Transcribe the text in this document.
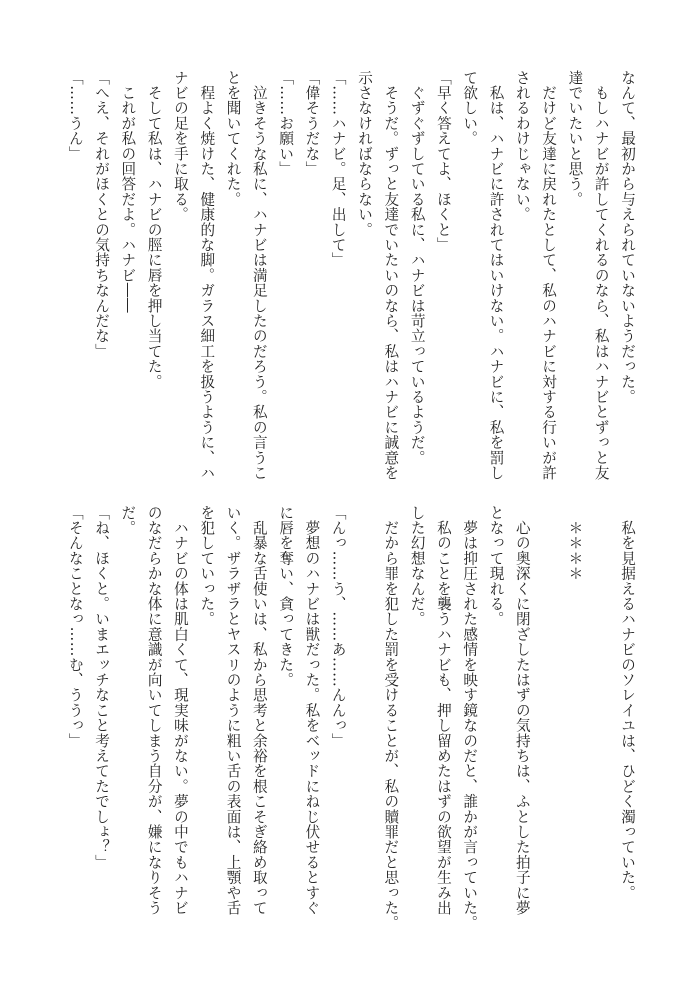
なんて、最初から与えられていないようだった。
　もしハナビが許してくれるのなら、私はハナビとずっと友
達でいたいと思う。
　だけど友達に戻れたとして、私のハナビに対する行いが許
されるわけじゃない。
　私は、ハナビに許されてはいけない。ハナビに、私を罰し
て欲しい。
「早く答えてよ、ほくと」
　ぐずぐずしている私に、ハナビは苛立っているようだ。
　そうだ。ずっと友達でいたいのなら、私はハナビに誠意を
示さなければならない。
「……ハナビ。足、出して」
「偉そうだな」
「……お願い」
　泣きそうな私に、ハナビは満足したのだろう。私の言うこ
とを聞いてくれた。
　程よく焼けた、健康的な脚。ガラス細工を扱うように、ハ
ナビの足を手に取る。
　そして私は、ハナビの脛に唇を押し当てた。
　これが私の回答だよ。ハナビ――
「へえ、それがほくとの気持ちなんだな」
「……うん」
　私を見据えるハナビのソレイユは、ひどく濁っていた。

　＊＊＊＊

　心の奥深くに閉ざしたはずの気持ちは、ふとした拍子に夢
となって現れる。
　夢は抑圧された感情を映す鏡なのだと、誰かが言っていた。
　私のことを襲うハナビも、押し留めたはずの欲望が生み出
した幻想なんだ。
　だから罪を犯した罰を受けることが、私の贖罪だと思った。

「んっ……う、……あ……んんっ」
　夢想のハナビは獣だった。私をベッドにねじ伏せるとすぐ
に唇を奪い、貪ってきた。
　乱暴な舌使いは、私から思考と余裕を根こそぎ絡め取って
いく。ザラザラとヤスリのように粗い舌の表面は、上顎や舌
を犯していった。
　ハナビの体は肌白くて、現実味がない。夢の中でもハナビ
のなだらかな体に意識が向いてしまう自分が、嫌になりそう
だ。
「ね、ほくと。いまエッチなこと考えてたでしょ？」
「そんなことなっ……む、ううっ」
